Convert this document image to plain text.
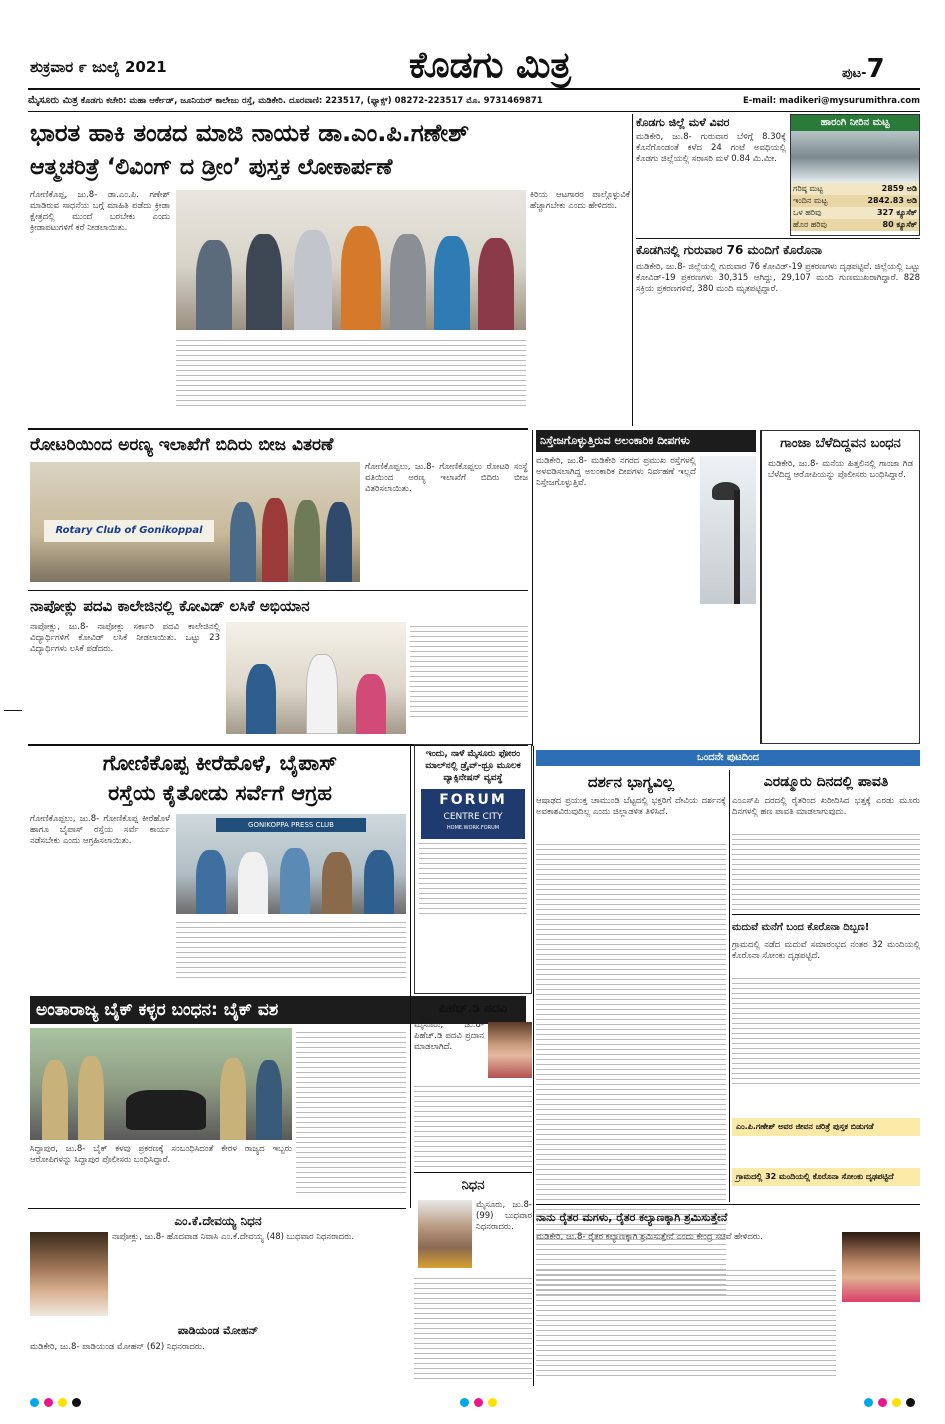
ಶುಕ್ರವಾರ ೯ ಜುಲೈ 2021	ಕೊಡಗು ಮಿತ್ರ	ಪುಟ-7
ಮೈಸೂರು ಮಿತ್ರ ಕೊಡಗು ಕಚೇರಿ: ಮಹಾ ಆರ್ಕೇಡ್, ಜೂನಿಯರ್ ಕಾಲೇಜು ರಸ್ತೆ, ಮಡಿಕೇರಿ. ದೂರವಾಣಿ: 223517, (ಫ್ಯಾಕ್ಸ್) 08272-223517 ಮೊ. 9731469871	E-mail: madikeri@mysurumithra.com
ಭಾರತ ಹಾಕಿ ತಂಡದ ಮಾಜಿ ನಾಯಕ ಡಾ.ಎಂ.ಪಿ.ಗಣೇಶ್
ಆತ್ಮಚರಿತ್ರೆ ‘ಲಿವಿಂಗ್ ದ ಡ್ರೀಂ’ ಪುಸ್ತಕ ಲೋಕಾರ್ಪಣೆ
ಗೋಣಿಕೊಪ್ಪ, ಜು.8- ಡಾ.ಎಂ.ಪಿ. ಗಣೇಶ್ ಮಾಡಿರುವ ಸಾಧನೆಯ ಬಗ್ಗೆ ಮಾಹಿತಿ ಪಡೆದು ಕ್ರೀಡಾ ಕ್ಷೇತ್ರದಲ್ಲಿ ಮುಂದೆ ಬರಬೇಕು ಎಂದು ಕ್ರೀಡಾಪಟುಗಳಿಗೆ ಕರೆ ನೀಡಲಾಯಿತು.
ಕಿರಿಯ ಆಟಗಾರರ ಪಾಲ್ಗೊಳ್ಳುವಿಕೆ ಹೆಚ್ಚಾಗಬೇಕು ಎಂದು ಹೇಳಿದರು.
ಕೊಡಗು ಜಿಲ್ಲೆ ಮಳೆ ವಿವರ
ಮಡಿಕೇರಿ, ಜು.8- ಗುರುವಾರ ಬೆಳಿಗ್ಗೆ 8.30ಕ್ಕೆ ಕೊನೆಗೊಂಡಂತೆ ಕಳೆದ 24 ಗಂಟೆ ಅವಧಿಯಲ್ಲಿ ಕೊಡಗು ಜಿಲ್ಲೆಯಲ್ಲಿ ಸರಾಸರಿ ಮಳೆ 0.84 ಮಿ.ಮೀ.
ಹಾರಂಗಿ ನೀರಿನ ಮಟ್ಟ
ಗರಿಷ್ಠ ಮಟ್ಟ	2859 ಅಡಿ
ಇಂದಿನ ಮಟ್ಟ	2842.83 ಅಡಿ
ಒಳ ಹರಿವು	327 ಕ್ಯೂಸೆಕ್
ಹೊರ ಹರಿವು	80 ಕ್ಯೂಸೆಕ್
ಕೊಡಗಿನಲ್ಲಿ ಗುರುವಾರ 76 ಮಂದಿಗೆ ಕೊರೊನಾ
ಮಡಿಕೇರಿ, ಜು.8- ಜಿಲ್ಲೆಯಲ್ಲಿ ಗುರುವಾರ 76 ಕೋವಿಡ್-19 ಪ್ರಕರಣಗಳು ದೃಢಪಟ್ಟಿವೆ. ಜಿಲ್ಲೆಯಲ್ಲಿ ಒಟ್ಟು ಕೋವಿಡ್-19 ಪ್ರಕರಣಗಳು 30,315 ಆಗಿದ್ದು, 29,107 ಮಂದಿ ಗುಣಮುಖರಾಗಿದ್ದಾರೆ. 828 ಸಕ್ರಿಯ ಪ್ರಕರಣಗಳಿವೆ, 380 ಮಂದಿ ಮೃತಪಟ್ಟಿದ್ದಾರೆ.
ರೋಟರಿಯಿಂದ ಅರಣ್ಯ ಇಲಾಖೆಗೆ ಬಿದಿರು ಬೀಜ ವಿತರಣೆ
Rotary Club of Gonikoppal
ಗೋಣಿಕೊಪ್ಪಲು, ಜು.8- ಗೋಣಿಕೊಪ್ಪಲು ರೋಟರಿ ಸಂಸ್ಥೆ ವತಿಯಿಂದ ಅರಣ್ಯ ಇಲಾಖೆಗೆ ಬಿದಿರು ಬೀಜ ವಿತರಿಸಲಾಯಿತು.
ನಿಸ್ತೇಜಗೊಳ್ಳುತ್ತಿರುವ ಅಲಂಕಾರಿಕ ದೀಪಗಳು
ಮಡಿಕೇರಿ, ಜು.8- ಮಡಿಕೇರಿ ನಗರದ ಪ್ರಮುಖ ರಸ್ತೆಗಳಲ್ಲಿ ಅಳವಡಿಸಲಾಗಿದ್ದ ಅಲಂಕಾರಿಕ ದೀಪಗಳು ನಿರ್ವಹಣೆ ಇಲ್ಲದೆ ನಿಸ್ತೇಜಗೊಳ್ಳುತ್ತಿವೆ.
ಗಾಂಜಾ ಬೆಳೆದಿದ್ದವನ ಬಂಧನ
ಮಡಿಕೇರಿ, ಜು.8- ಮನೆಯ ಹಿತ್ತಲಿನಲ್ಲಿ ಗಾಂಜಾ ಗಿಡ ಬೆಳೆದಿದ್ದ ಆರೋಪಿಯನ್ನು ಪೊಲೀಸರು ಬಂಧಿಸಿದ್ದಾರೆ.
ನಾಪೋಕ್ಲು ಪದವಿ ಕಾಲೇಜಿನಲ್ಲಿ ಕೋವಿಡ್ ಲಸಿಕೆ ಅಭಿಯಾನ
ನಾಪೋಕ್ಲು, ಜು.8- ನಾಪೋಕ್ಲು ಸರ್ಕಾರಿ ಪದವಿ ಕಾಲೇಜಿನಲ್ಲಿ ವಿದ್ಯಾರ್ಥಿಗಳಿಗೆ ಕೋವಿಡ್ ಲಸಿಕೆ ನೀಡಲಾಯಿತು. ಒಟ್ಟು 23 ವಿದ್ಯಾರ್ಥಿಗಳು ಲಸಿಕೆ ಪಡೆದರು.
ಗೋಣಿಕೊಪ್ಪ ಕೀರೆಹೊಳೆ, ಬೈಪಾಸ್
ರಸ್ತೆಯ ಕೈತೋಡು ಸರ್ವೆಗೆ ಆಗ್ರಹ
ಗೋಣಿಕೊಪ್ಪಲು, ಜು.8- ಗೋಣಿಕೊಪ್ಪ ಕೀರೆಹೊಳೆ ಹಾಗೂ ಬೈಪಾಸ್ ರಸ್ತೆಯ ಸರ್ವೆ ಕಾರ್ಯ ನಡೆಸಬೇಕು ಎಂದು ಆಗ್ರಹಿಸಲಾಯಿತು.
GONIKOPPA PRESS CLUB
ಇಂದು, ನಾಳೆ ಮೈಸೂರು ಫೋರಂ ಮಾಲ್‌ನಲ್ಲಿ ಡ್ರೈವ್-ಥ್ರೂ ಮೂಲಕ ವ್ಯಾಕ್ಸಿನೇಷನ್ ವ್ಯವಸ್ಥೆ
FORUM
CENTRE CITY
HOME.WORK.FORUM
ಒಂದನೇ ಪುಟದಿಂದ
ದರ್ಶನ ಭಾಗ್ಯವಿಲ್ಲ
ಆಷಾಢದ ಪ್ರಯುಕ್ತ ಚಾಮುಂಡಿ ಬೆಟ್ಟದಲ್ಲಿ ಭಕ್ತರಿಗೆ ದೇವಿಯ ದರ್ಶನಕ್ಕೆ ಅವಕಾಶವಿರುವುದಿಲ್ಲ ಎಂದು ಜಿಲ್ಲಾಡಳಿತ ತಿಳಿಸಿದೆ.
ಎರಡ್ಮೂರು ದಿನದಲ್ಲಿ ಪಾವತಿ
ಎಂಎಸ್‌ಪಿ ದರದಲ್ಲಿ ರೈತರಿಂದ ಖರೀದಿಸಿದ ಭತ್ತಕ್ಕೆ ಎರಡು ಮೂರು ದಿನಗಳಲ್ಲಿ ಹಣ ಪಾವತಿ ಮಾಡಲಾಗುವುದು.
ಮದುವೆ ಮನೆಗೆ ಬಂದ ಕೊರೊನಾ ದಿಬ್ಬಣ!
ಗ್ರಾಮದಲ್ಲಿ ನಡೆದ ಮದುವೆ ಸಮಾರಂಭದ ನಂತರ 32 ಮಂದಿಯಲ್ಲಿ ಕೊರೊನಾ ಸೋಂಕು ದೃಢಪಟ್ಟಿದೆ.
ಎಂ.ಪಿ.ಗಣೇಶ್ ಅವರ ಜೀವನ ಚರಿತ್ರೆ ಪುಸ್ತಕ ಬಿಡುಗಡೆ
ಗ್ರಾಮದಲ್ಲಿ 32 ಮಂದಿಯಲ್ಲಿ ಕೊರೊನಾ ಸೋಂಕು ದೃಢಪಟ್ಟಿದೆ
ಅಂತಾರಾಜ್ಯ ಬೈಕ್ ಕಳ್ಳರ ಬಂಧನ: ಬೈಕ್ ವಶ
ಸಿದ್ದಾಪುರ, ಜು.8- ಬೈಕ್ ಕಳವು ಪ್ರಕರಣಕ್ಕೆ ಸಂಬಂಧಿಸಿದಂತೆ ಕೇರಳ ರಾಜ್ಯದ ಇಬ್ಬರು ಆರೋಪಿಗಳನ್ನು ಸಿದ್ದಾಪುರ ಪೊಲೀಸರು ಬಂಧಿಸಿದ್ದಾರೆ.
ಪಿಹೆಚ್.ಡಿ ಪದವಿ
ಮೈಸೂರು, ಜು.8- ಪಿಹೆಚ್.ಡಿ ಪದವಿ ಪ್ರದಾನ ಮಾಡಲಾಗಿದೆ.
ಎಂ.ಕೆ.ದೇವಯ್ಯ ನಿಧನ
ನಾಪೋಕ್ಲು, ಜು.8- ಹೊದವಾಡ ನಿವಾಸಿ ಎಂ.ಕೆ.ದೇವಯ್ಯ (48) ಬುಧವಾರ ನಿಧನರಾದರು.
ಪಾಡಿಯಂಡ ಮೋಹನ್
ಮಡಿಕೇರಿ, ಜು.8- ಪಾಡಿಯಂಡ ಮೋಹನ್ (62) ನಿಧನರಾದರು.
ನಿಧನ
ಮೈಸೂರು, ಜು.8- (99) ಬುಧವಾರ ನಿಧನರಾದರು.
ನಾನು ರೈತರ ಮಗಳು, ರೈತರ ಕಲ್ಯಾಣಕ್ಕಾಗಿ ಶ್ರಮಿಸುತ್ತೇನೆ
ಮಡಿಕೇರಿ, ಜು.8- ರೈತರ ಕಲ್ಯಾಣಕ್ಕಾಗಿ ಶ್ರಮಿಸುತ್ತೇನೆ ಎಂದು ಕೇಂದ್ರ ಸಚಿವೆ ಹೇಳಿದರು.
